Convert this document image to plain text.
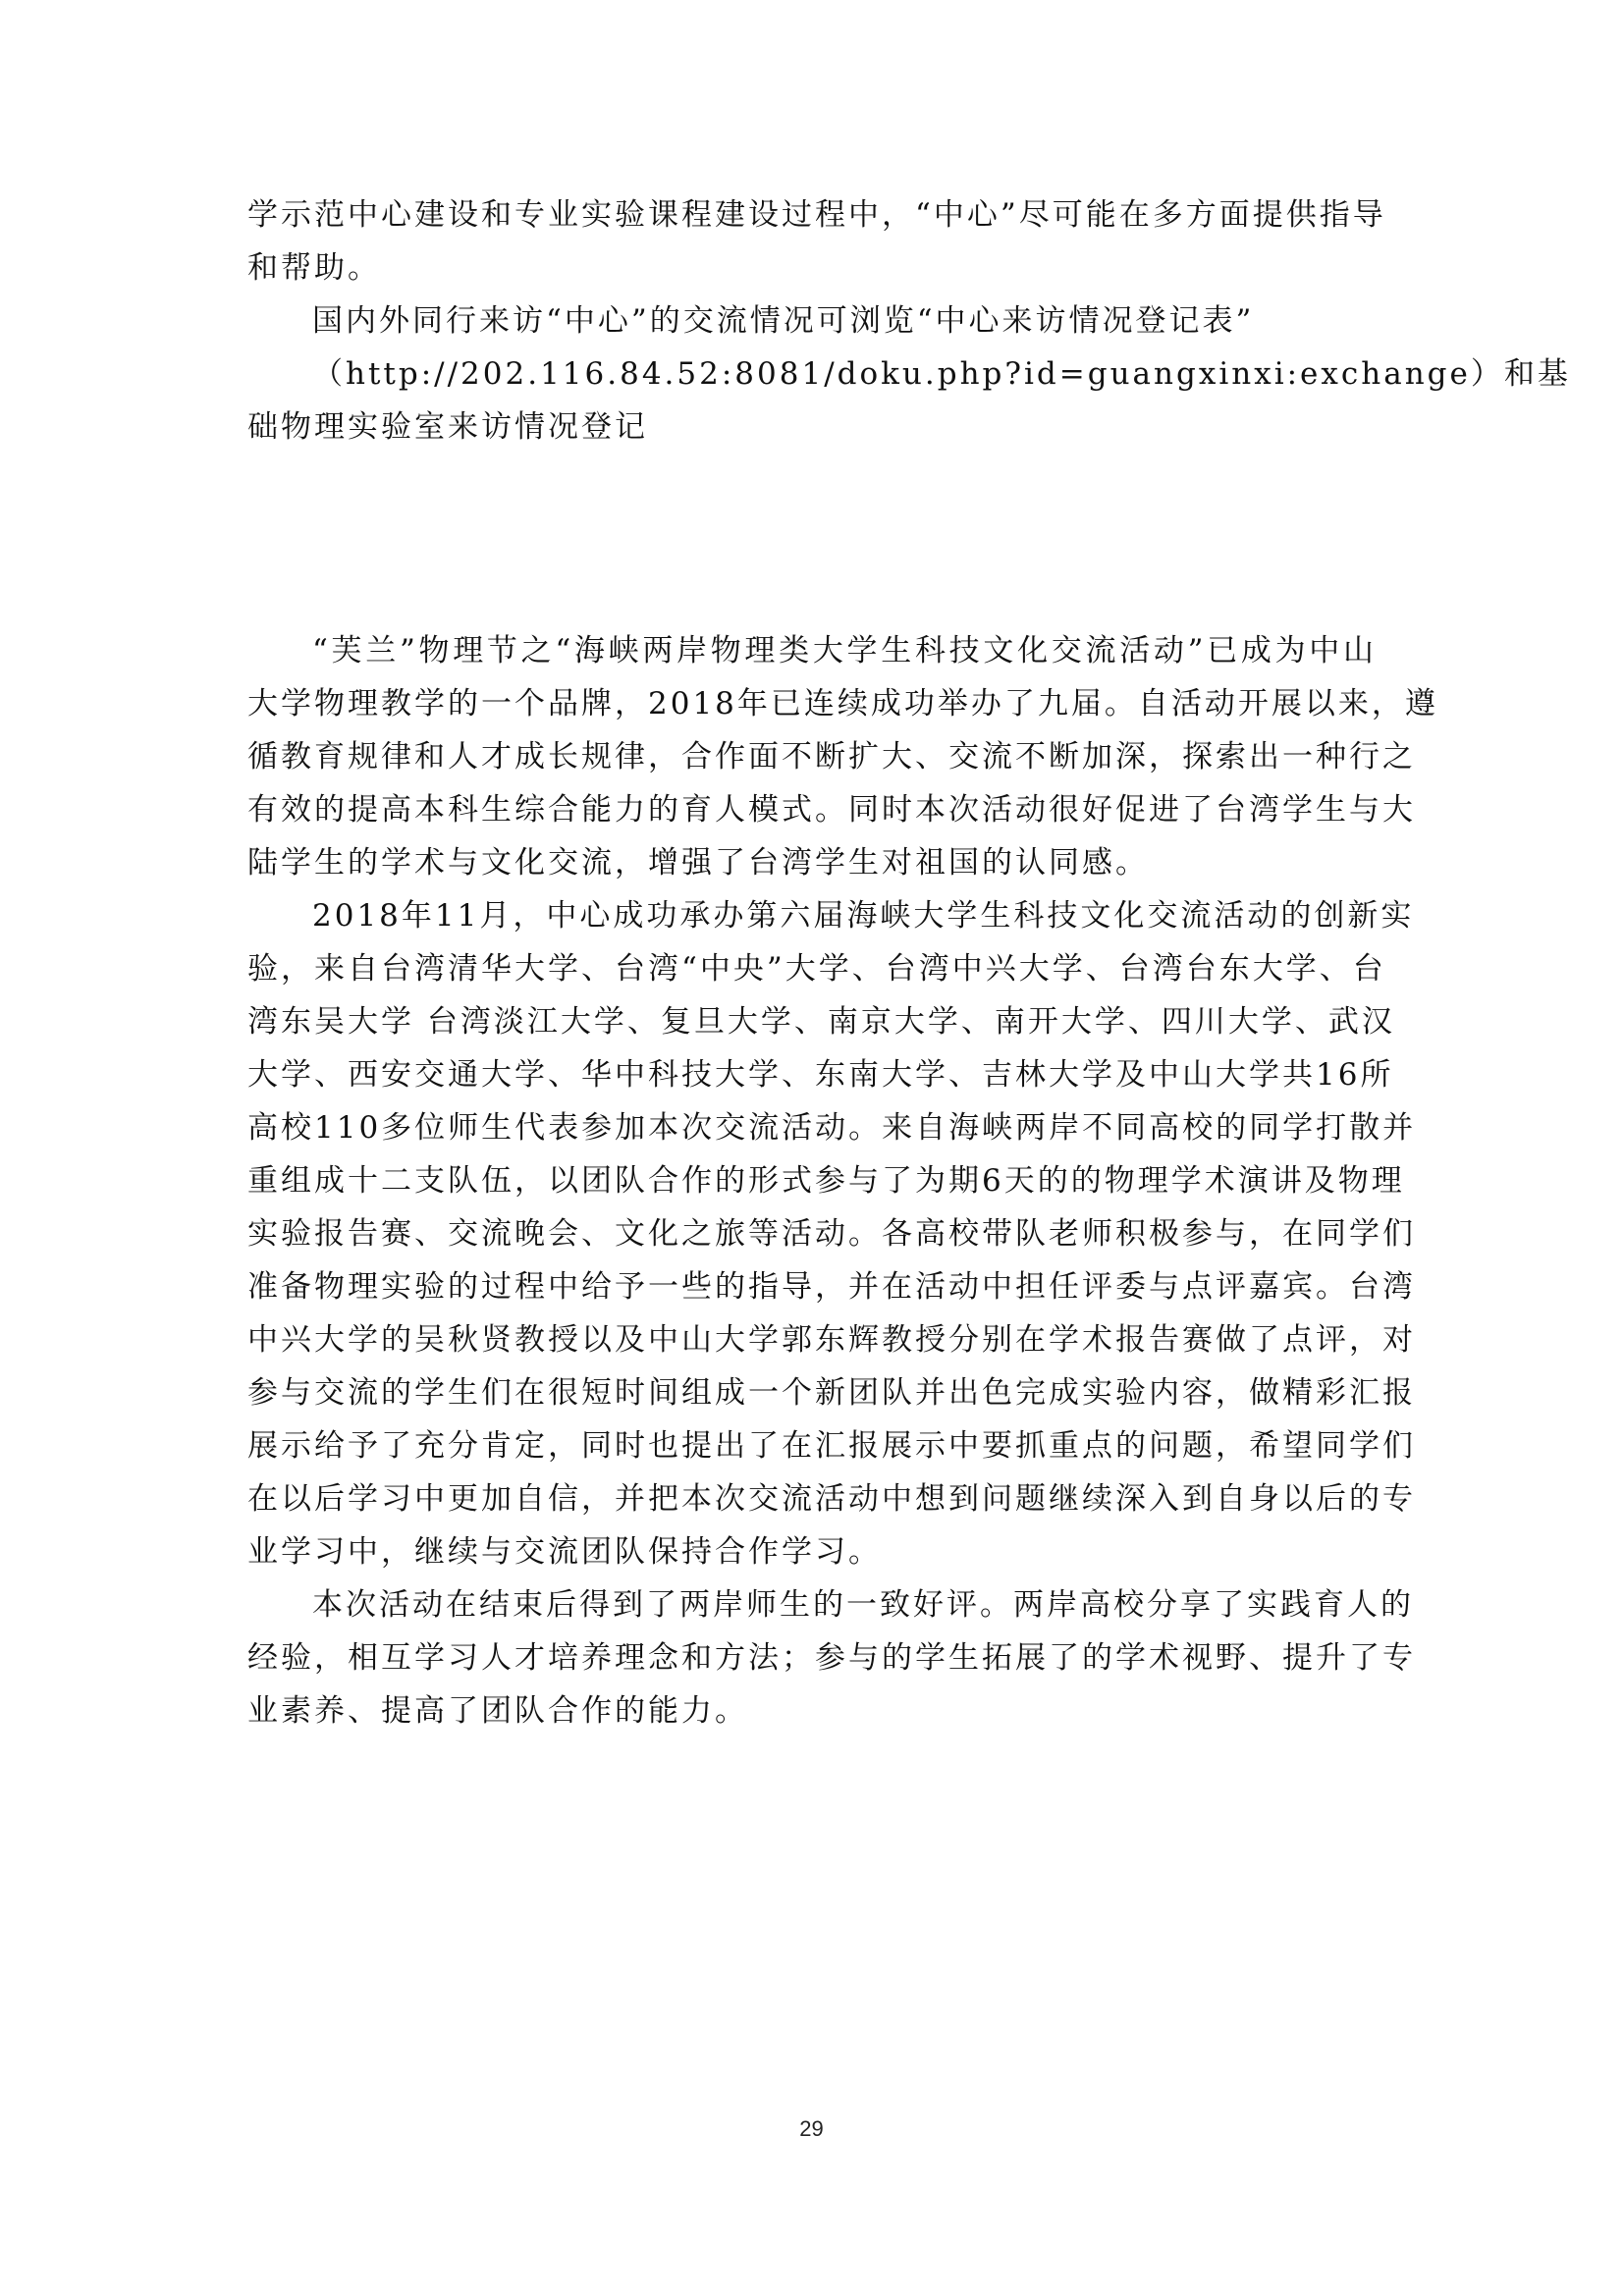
学示范中心建设和专业实验课程建设过程中，“中心”尽可能在多方面提供指导
和帮助。
国内外同行来访“中心”的交流情况可浏览“中心来访情况登记表”
（http://202.116.84.52:8081/doku.php?id=guangxinxi:exchange）和基
础物理实验室来访情况登记
“芙兰”物理节之“海峡两岸物理类大学生科技文化交流活动”已成为中山
大学物理教学的一个品牌，2018年已连续成功举办了九届。自活动开展以来，遵
循教育规律和人才成长规律，合作面不断扩大、交流不断加深，探索出一种行之
有效的提高本科生综合能力的育人模式。同时本次活动很好促进了台湾学生与大
陆学生的学术与文化交流，增强了台湾学生对祖国的认同感。
2018年11月，中心成功承办第六届海峡大学生科技文化交流活动的创新实
验，来自台湾清华大学、台湾“中央”大学、台湾中兴大学、台湾台东大学、台
湾东吴大学 台湾淡江大学、复旦大学、南京大学、南开大学、四川大学、武汉
大学、西安交通大学、华中科技大学、东南大学、吉林大学及中山大学共16所
高校110多位师生代表参加本次交流活动。来自海峡两岸不同高校的同学打散并
重组成十二支队伍，以团队合作的形式参与了为期6天的的物理学术演讲及物理
实验报告赛、交流晚会、文化之旅等活动。各高校带队老师积极参与，在同学们
准备物理实验的过程中给予一些的指导，并在活动中担任评委与点评嘉宾。台湾
中兴大学的吴秋贤教授以及中山大学郭东辉教授分别在学术报告赛做了点评，对
参与交流的学生们在很短时间组成一个新团队并出色完成实验内容，做精彩汇报
展示给予了充分肯定，同时也提出了在汇报展示中要抓重点的问题，希望同学们
在以后学习中更加自信，并把本次交流活动中想到问题继续深入到自身以后的专
业学习中，继续与交流团队保持合作学习。
本次活动在结束后得到了两岸师生的一致好评。两岸高校分享了实践育人的
经验，相互学习人才培养理念和方法；参与的学生拓展了的学术视野、提升了专
业素养、提高了团队合作的能力。
29
